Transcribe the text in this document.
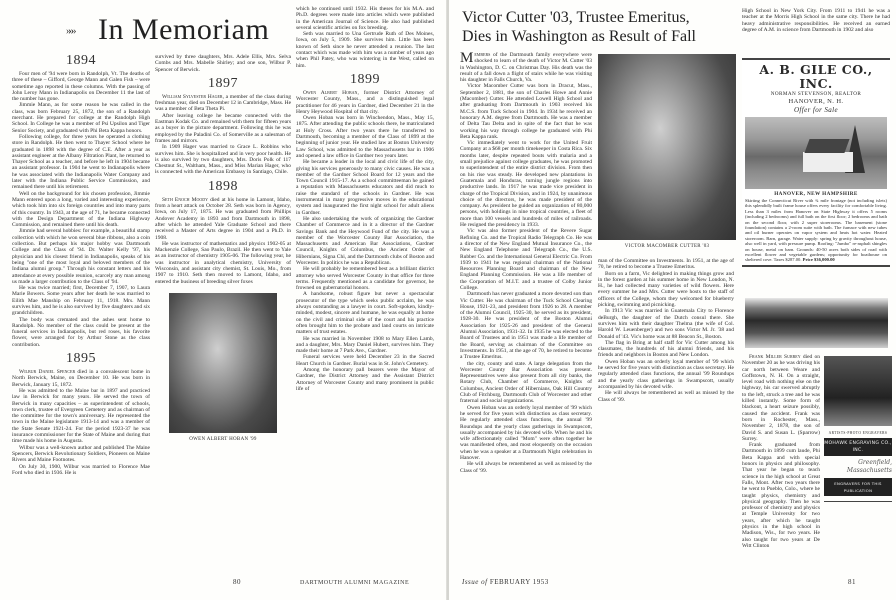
»»» In Memoriam
1894

Four men of '94 were born in Randolph, Vt. The deaths of three of these – Gifford, George Mann and Galen Fish – were sometime ago reported in these columns. With the passing of John Leroy Mann in Indianapolis on December 11 the last of the number has gone.

Jimmie Mann, as for some reason he was called in the class, was born February 25, 1872, the son of a Randolph merchant. He prepared for college at the Randolph High School. In College he was a member of Psi Upsilon and Tiger Senior Society, and graduated with Phi Beta Kappa honors.

Following college, for three years he operated a clothing store in Randolph. He then went to Thayer School where he graduated in 1898 with the degree of C.E. After a year as assistant engineer at the Albany Filtration Plant, he returned to Thayer School as a teacher, and before he left in 1904 became an assistant professor. In 1904 he went to Indianapolis where he was associated with the Indianapolis Water Company and later with the Indiana Public Service Commission, and remained there until his retirement.

Well on the background for his chosen profession, Jimmie Mann entered upon a long, varied and interesting experience, which took him into six foreign countries and into many parts of this country. In 1943, at the age of 71, he became connected with the Design Department of the Indiana Highway Commission, and remained there until his death.

Jimmie had several hobbies: for example, a beautiful stamp collection with which he won several blue ribbons, also a coin collection. But perhaps his major hobby was Dartmouth College and the Class of '94. Dr. Walter Kelly '97, his physician and his closest friend in Indianapolis, speaks of his being "one of the most loyal and beloved members of the Indiana alumni group." Through his constant letters and his attendance at every possible reunion, scarcely any man among us made a larger contribution to the Class of '94.

He was twice married; first, December 7, 1907, to Laura Marie Bowers. Some years after her death he was married to Eilith Mae Manship on February 11, 1918. Mrs. Mann survives him, and he is also survived by five daughters and six grandchildren.

The body was cremated and the ashes sent home to Randolph. No member of the class could be present at the funeral services in Indianapolis, but red roses, his favorite flower, were arranged for by Arthur Stone as the class contribution.

1895

Wilbur Daniel Spencer died in a convalescent home in North Berwick, Maine, on December 10. He was born in Berwick, January 15, 1872.

He was admitted to the Maine bar in 1897 and practiced law in Berwick for many years. He served the town of Berwick in many capacities – as superintendent of schools, town clerk, trustee of Evergreen Cemetery and as chairman of the committee for the town's anniversary. He represented the town in the Maine legislature 1913-14 and was a member of the State Senate 1921-24. For the period 1923-37 he was insurance commissioner for the State of Maine and during that time made his home in Augusta.

Wilbur was a well-known author and published The Maine Spencers, Berwick Revolutionary Soldiers, Pioneers on Maine Rivers and Maine Footnotes.

On July 30, 1900, Wilbur was married to Florence Mae Ford who died in 1936. He is

survived by three daughters, Mrs. Adele Ellis, Mrs. Selva Combs and Mrs. Mabelle Shirley; and one son, Wilbur P. Spencer of Berwick.

1897

William Sylvester Hager, a member of the class during freshman year, died on December 12 in Cambridge, Mass. He was a member of Beta Theta Pi.

After leaving college he became connected with the Eastman Kodak Co. and remained with them for fifteen years as a buyer in the picture department. Following this he was employed by the Paladini Co. of Somerville as a salesman of frames and mirrors.

In 1909 Hager was married to Grace L. Robbins who survives him. She is hospitalized and in very poor health. He is also survived by two daughters, Mrs. Doris Polk of 117 Chestnut St., Waltham, Mass., and Miss Marian Hager, who is connected with the American Embassy in Santiago, Chile.

1898

Seth Enoch Moody died at his home in Lamont, Idaho, from a heart attack on October 28. Seth was born in Agency, Iowa, on July 17, 1875. He was graduated from Phillips Andover Academy in 1893 and from Dartmouth in 1898, after which he attended Yale Graduate School and there received a Master of Arts degree in 1904 and a Ph.D. in 1908.

He was instructor of mathematics and physics 1902-05 at Mackenzie College, Sao Paulo, Brazil. He then went to Yale as an instructor of chemistry 1905-06. The following year, he was instructor in analytical chemistry, University of Wisconsin, and assistant city chemist, St. Louis, Mo., from 1907 to 1910. Seth then moved to Lamont, Idaho, and entered the business of breeding silver foxes

OWEN ALBERT HOBAN '99

which he continued until 1932. His theses for his M.A. and Ph.D. degrees were made into articles which were published in the American Journal of Science. He also had published several scientific articles on fox breeding.

Seth was married to Una Gertrude Ruth of Des Moines, Iowa, on July 5, 1909. She survives him. Little has been known of Seth since he never attended a reunion. The last contact which was made with him was a number of years ago when Phil Patey, who was wintering in the West, called on him.

1899

Owen Albert Hoban, former District Attorney of Worcester County, Mass., and a distinguished legal practitioner for 46 years in Gardner, died December 21 in the Henry Heywood Hospital of that city.

Owen Hoban was born in Winchendon, Mass., May 15, 1875. After attending the public schools there, he matriculated at Holy Cross. After two years there he transferred to Dartmouth, becoming a member of the Class of 1899 at the beginning of junior year. He studied law at Boston University Law School, was admitted to the Massachusetts bar in 1906 and opened a law office in Gardner two years later.

He became a leader in the local and civic life of the city, giving his services generously to many civic causes. He was a member of the Gardner School Board for 12 years and the Town Council 1915-17. As a school committeeman he gained a reputation with Massachusetts educators and did much to raise the standard of the schools in Gardner. He was instrumental in many progressive moves in the educational system and inaugurated the first night school for adult aliens in Gardner.

He also undertaking the work of organizing the Gardner Chamber of Commerce and in it a director of the Gardner Savings Bank and the Heywood Fund of the city. He was a member of the Worcester County Bar Association, the Massachusetts and American Bar Associations, Gardner Council, Knights of Columbus, the Ancient Order of Hibernians, Signa Chi, and the Dartmouth clubs of Boston and Worcester. In politics he was a Republican.

He will probably be remembered best as a brilliant district attorney who served Worcester County in that office for three terms. Frequently mentioned as a candidate for governor, he frowned on gubernatorial honors.

A handsome, robust figure but never a spectacular prosecutor of the type which seeks public acclaim, he was always outstanding as a lawyer in court. Soft-spoken, kindly-minded, modest, sincere and humane, he was equally at home on the civil and criminal side of the court and his practice often brought him to the probate and land courts on intricate matters of trust estates.

He was married in November 1908 to Mary Ellen Lamb, and a daughter, Mrs. Mary Daniel Hubert, survives him. They made their home at 7 Park Ave., Gardner.

Funeral services were held December 23 in the Sacred Heart Church in Gardner. Burial was in St. John's Cemetery.

Among the honorary pall bearers were the Mayor of Gardner, the District Attorney and the Assistant District Attorney of Worcester County and many prominent in public life of

80	DARTMOUTH ALUMNI MAGAZINE
Victor Cutter '03, Trustee Emeritus,
Dies in Washington as Result of Fall

Members of the Dartmouth family everywhere were shocked to learn of the death of Victor M. Cutter '03 in Washington, D. C. on Christmas Day. His death was the result of a fall down a flight of stairs while he was visiting his daughter in Falls Church, Va.

Victor Macomber Cutter was born in Dracut, Mass., September 2, 1881, the son of Charles Howe and Annie (Macomber) Cutter. He attended Lowell High School and after graduating from Dartmouth in 1903 received his M.C.S. from Tuck School in 1904. In 1934 he received an honorary A.M. degree from Dartmouth. He was a member of Delta Tau Delta and in spite of the fact that he was working his way through college he graduated with Phi Beta Kappa rank.

Vic immediately went to work for the United Fruit Company at a $68 per month timekeeper in Costa Rica. Six months later, despite repeated bouts with malaria and a small prejudice against college graduates, he was promoted to superintendent of the entire district division. From then on his rise was steady. He developed new plantations in Guatemala and Honduras, turning jungle regions into productive lands. In 1917 he was made vice president in charge of the Tropical Division, and in 1924, by unanimous choice of the directors, he was made president of the company. As president he guided an organization of 80,000 persons, with holdings in nine tropical countries, a fleet of more than 100 vessels and hundreds of miles of railroads. He resigned the presidency in 1933.

Vic was also former president of the Revere Sugar Refining Co. and the Tropical Radio Telegraph Co. He was a director of the New England Mutual Insurance Co., the New England Telephone and Telegraph Co., the U.S. Rubber Co. and the International General Electric Co. From 1939 to 1941 he was regional chairman of the National Resources Planning Board and chairman of the New England Planning Commission. He was a life member of the Corporation of M.I.T. and a trustee of Colby Junior College.

Dartmouth has never graduated a more devoted son than Vic Cutter. He was chairman of the Tuck School Clearing House, 1921-23, and president from 1926 to 28. A member of the Alumni Council, 1925-30, he served as its president, 1928-30. He was president of the Boston Alumni Association for 1925-26 and president of the General Alumni Association, 1931-32. In 1935 he was elected to the Board of Trustees and in 1951 was made a life member of the Board, serving as chairman of the Committee on Investments. In 1951, at the age of 70, he retired to become a Trustee Emeritus.

the city, county and state. A large delegation from the Worcester County Bar Association was present. Representatives were also present from all city banks, the Rotary Club, Chamber of Commerce, Knights of Columbus, Ancient Order of Hibernians, Oak Hill Country Club of Fitchburg, Dartmouth Club of Worcester and other fraternal and social organizations.

Owen Hoban was an orderly loyal member of '99 which he served for five years with distinction as class secretary. He regularly attended class functions, the annual '99 Roundups and the yearly class gatherings in Swampscott, usually accompanied by his devoted wife. When he and his wife affectionately called "Mom" were often together he was manifested often, and most eloquently on the occasion when he was a speaker at a Dartmouth Night celebration in Hanover.

He will always be remembered as well as missed by the Class of '99.

VICTOR MACOMBER CUTTER '03

man of the Committee on Investments. In 1951, at the age of 70, he retired to become a Trustee Emeritus.

Born on a farm, Vic delighted in making things grow and in the forest garden at his summer home in New London, N. H., he had collected many varieties of wild flowers. Here every summer he and Mrs. Cutter were hosts to the staff of officers of the College, whom they welcomed for blueberry picking, swimming and picnicking.

In 1913 Vic was married in Guatemala City to Florence deBurgh, the daughter of the Dutch consul there. She survives him with their daughter Thelma (the wife of Col. Harold W. Leuenberger) and two sons Victor M. Jr. '38 and Donald of '43. Vic's home was at 88 Beacon St., Boston.

The flag in Bring at half staff for Vic Cutter among his classmates, the hundreds of his alumni friends, and his friends and neighbors in Boston and New London.

Owen Hoban was an orderly loyal member of '99 which he served for five years with distinction as class secretary. He regularly attended class functions, the annual '99 Roundups and the yearly class gatherings in Swampscott, usually accompanied by his devoted wife.

He will always be remembered as well as missed by the Class of '99.

High School in New York City. From 1911 to 1941 he was a teacher at the Morris High School in the same city. There he had heavy administrative responsibilities. He received an earned degree of A.M. in science from Dartmouth in 1902 and also

A. B. GILE CO., INC.
NORMAN STEVENSON, REALTOR
HANOVER, N. H.
Offer for Sale
HANOVER, NEW HAMPSHIRE
Skirting the Connecticut River with ¾ mile frontage (not including islets) this splendidly built frame house offers every facility for comfortable living. Less than 3 miles from Hanover on State Highway it offers 5 rooms (including 2 bedrooms) and full bath on the first floor; 2 bedrooms and bath on the second floor, with 2 super storerooms. The basement (stone foundation) contains a 2-room suite with bath. The furnace with new tubes and oil burner operates on vapor system and heats hot water. Heated storeroom. Barn, garage. Water supply: spring by gravity throughout house, also well in yard, with pressure pump. Roofing: "Jumbo" re-asphalt shingles on house, metal on barn. Grounds: 40-50 acres both sides of road with excellent flower and vegetable gardens; opportunity for boathouse on sheltered cove. Taxes $287.00. Price $36,000.00

Frank Miller Surrey died on November 20 as he was driving his car north between Weare and Goffstown, N. H. On a straight, level road with nothing else on the highway, his car swerved abruptly to the left, struck a tree and he was killed instantly. Some form of blackout, a heart seizure possibly, caused the accident. Frank was born in Rochester, Mass., November 2, 1878, the son of David S. and Susan L. (Sparrow) Surrey.

Frank graduated from Dartmouth in 1899 cum laude, Phi Beta Kappa and with special honors in physics and philosophy. That year he began to teach science in the high school at Great Falls, Mont. After two years there he went to Pueblo, Colo., where he taught physics, chemistry and physical geography. Then he was professor of chemistry and physics at Temple University for two years, after which he taught physics in the high school in Madison, Wis., for two years. He also taught for two years at De Witt Clinton

ARTISTS-PHOTO ENGRAVERS
MOHAWK ENGRAVING CO., INC.
Greenfield, Massachusetts
ENGRAVERS FOR THIS PUBLICATION
Issue of FEBRUARY 1953	81
